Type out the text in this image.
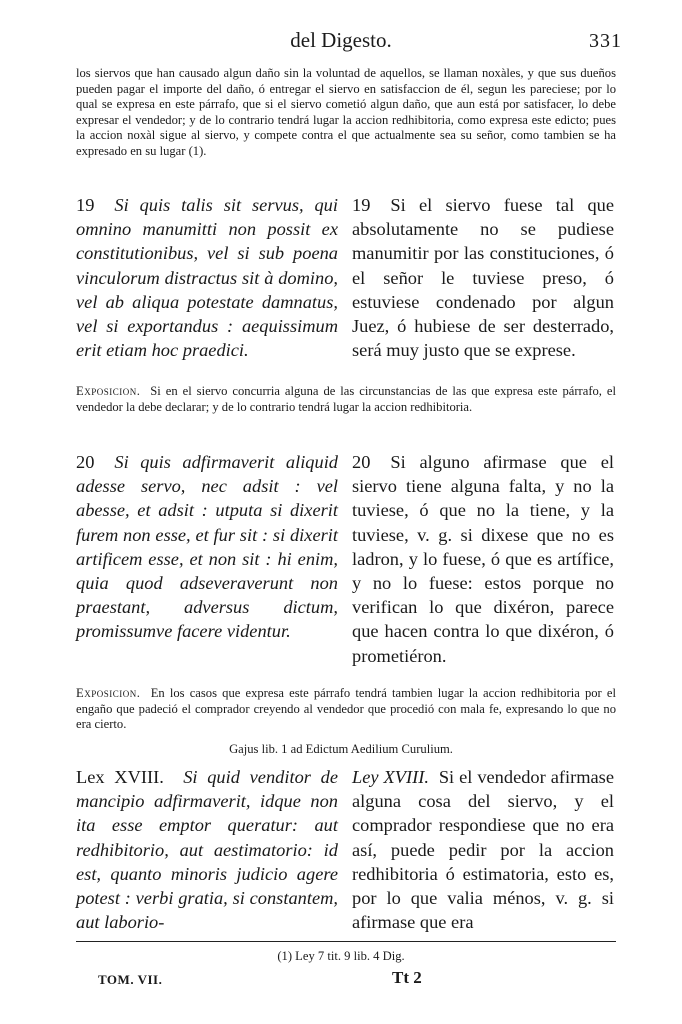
del Digesto.	331
los siervos que han causado algun daño sin la voluntad de aquellos, se llaman noxàles, y que sus dueños pueden pagar el importe del daño, ó entregar el siervo en satisfaccion de él, segun les pareciese; por lo qual se expresa en este párrafo, que si el siervo cometió algun daño, que aun está por satisfacer, lo debe expresar el vendedor; y de lo contrario tendrá lugar la accion redhibitoria, como expresa este edicto; pues la accion noxàl sigue al siervo, y compete contra el que actualmente sea su señor, como tambien se ha expresado en su lugar (1).
19 Si quis talis sit servus, qui omnino manumitti non possit ex constitutionibus, vel si sub poena vinculorum distractus sit à domino, vel ab aliqua potestate damnatus, vel si exportandus : aequissimum erit etiam hoc praedici.
19 Si el siervo fuese tal que absolutamente no se pudiese manumitir por las constituciones, ó el señor le tuviese preso, ó estuviese condenado por algun Juez, ó hubiese de ser desterrado, será muy justo que se exprese.
Exposicion. Si en el siervo concurria alguna de las circunstancias de las que expresa este párrafo, el vendedor la debe declarar; y de lo contrario tendrá lugar la accion redhibitoria.
20 Si quis adfirmaverit aliquid adesse servo, nec adsit : vel abesse, et adsit : utputa si dixerit furem non esse, et fur sit : si dixerit artificem esse, et non sit : hi enim, quia quod adseveraverunt non praestant, adversus dictum, promissumve facere videntur.
20 Si alguno afirmase que el siervo tiene alguna falta, y no la tuviese, ó que no la tiene, y la tuviese, v. g. si dixese que no es ladron, y lo fuese, ó que es artífice, y no lo fuese: estos porque no verifican lo que dixéron, parece que hacen contra lo que dixéron, ó prometiéron.
Exposicion. En los casos que expresa este párrafo tendrá tambien lugar la accion redhibitoria por el engaño que padeció el comprador creyendo al vendedor que procedió con mala fe, expresando lo que no era cierto.
Gajus lib. 1 ad Edictum Aedilium Curulium.
Lex XVIII. Si quid venditor de mancipio adfirmaverit, idque non ita esse emptor queratur: aut redhibitorio, aut aestimatorio: id est, quanto minoris judicio agere potest : verbi gratia, si constantem, aut laborio-
Ley XVIII. Si el vendedor afirmase alguna cosa del siervo, y el comprador respondiese que no era así, puede pedir por la accion redhibitoria ó estimatoria, esto es, por lo que valia ménos, v. g. si afirmase que era
(1) Ley 7 tit. 9 lib. 4 Dig.
TOM. VII.	Tt 2
